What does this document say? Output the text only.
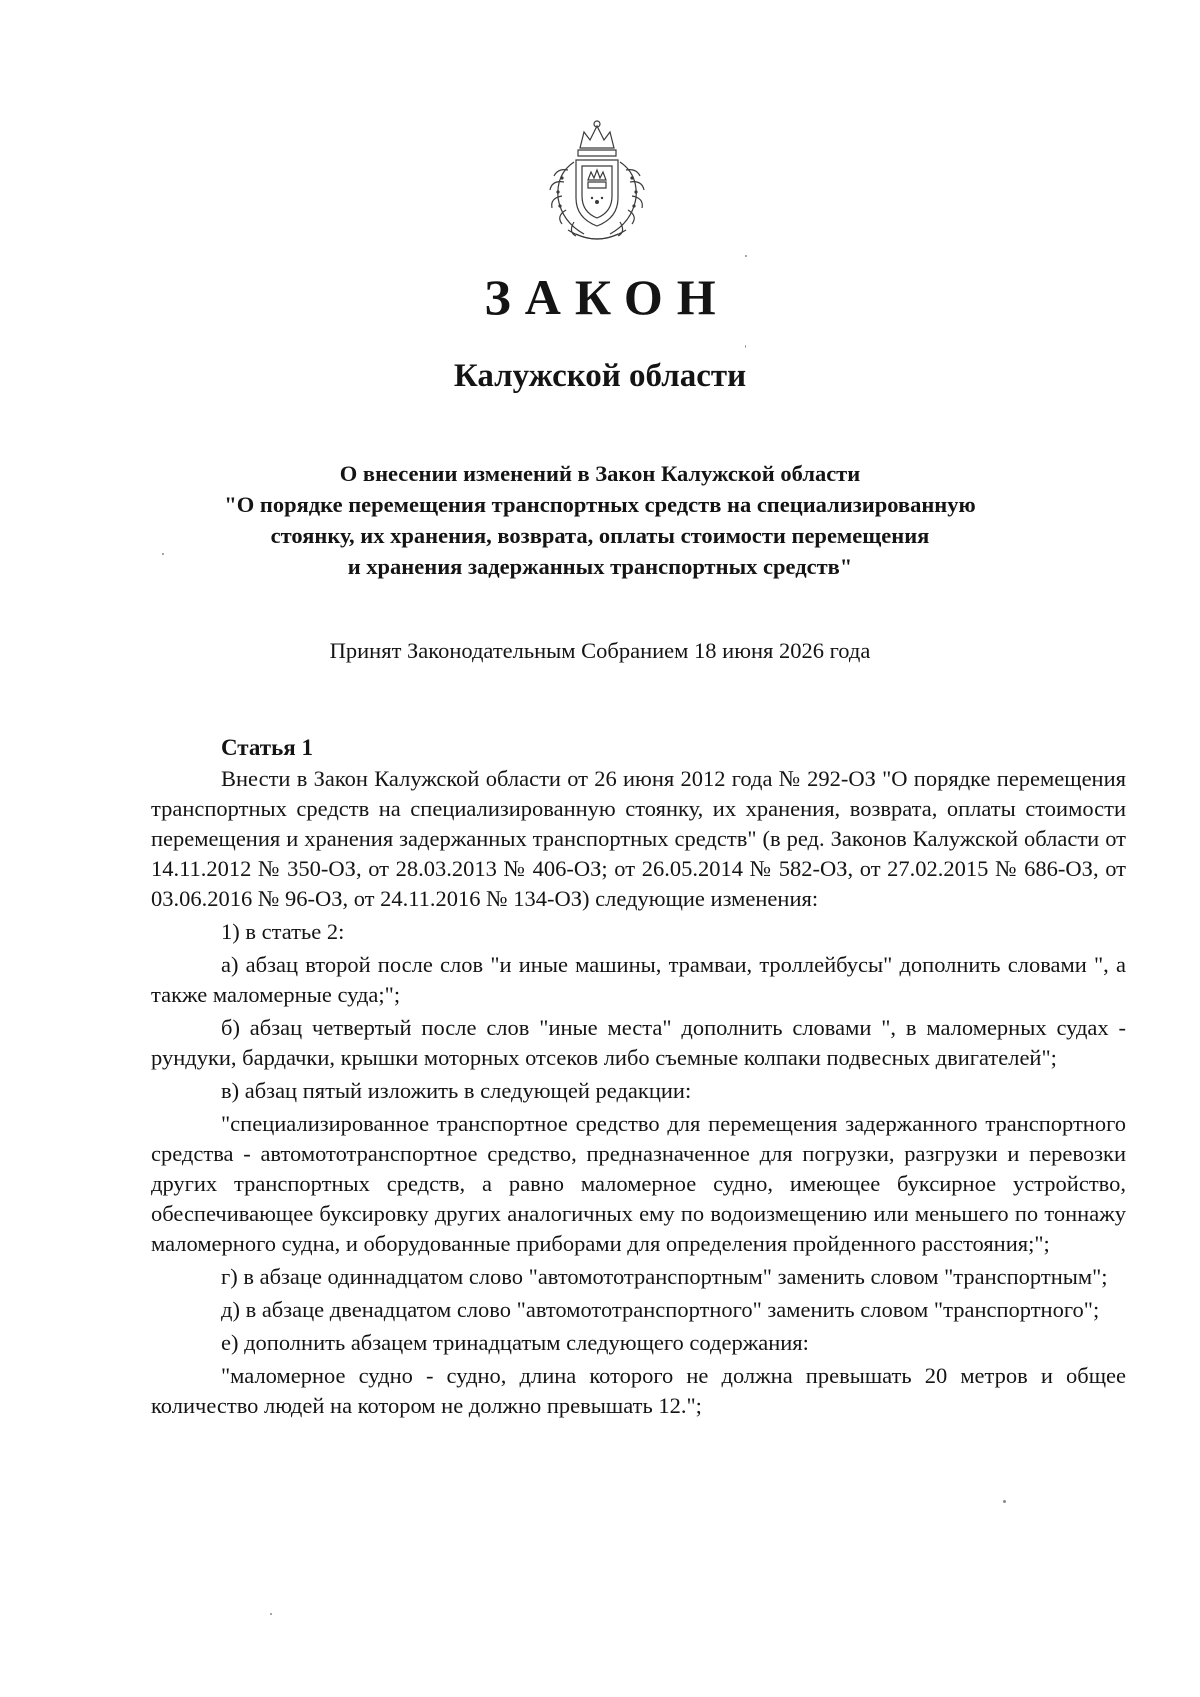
ЗАКОН
Калужской области
О внесении изменений в Закон Калужской области
"О порядке перемещения транспортных средств на специализированную
стоянку, их хранения, возврата, оплаты стоимости перемещения
и хранения задержанных транспортных средств"
Принят Законодательным Собранием 18 июня 2026 года
Статья 1

Внести в Закон Калужской области от 26 июня 2012 года № 292-ОЗ "О порядке перемещения транспортных средств на специализированную стоянку, их хранения, возврата, оплаты стоимости перемещения и хранения задержанных транспортных средств" (в ред. Законов Калужской области от 14.11.2012 № 350-ОЗ, от 28.03.2013 № 406-ОЗ; от 26.05.2014 № 582-ОЗ, от 27.02.2015 № 686-ОЗ, от 03.06.2016 № 96-ОЗ, от 24.11.2016 № 134-ОЗ) следующие изменения:

1) в статье 2:

а) абзац второй после слов "и иные машины, трамваи, троллейбусы" дополнить словами ", а также маломерные суда;";

б) абзац четвертый после слов "иные места" дополнить словами ", в маломерных судах - рундуки, бардачки, крышки моторных отсеков либо съемные колпаки подвесных двигателей";

в) абзац пятый изложить в следующей редакции:

"специализированное транспортное средство для перемещения задержанного транспортного средства - автомототранспортное средство, предназначенное для погрузки, разгрузки и перевозки других транспортных средств, а равно маломерное судно, имеющее буксирное устройство, обеспечивающее буксировку других аналогичных ему по водоизмещению или меньшего по тоннажу маломерного судна, и оборудованные приборами для определения пройденного расстояния;";

г) в абзаце одиннадцатом слово "автомототранспортным" заменить словом "транспортным";

д) в абзаце двенадцатом слово "автомототранспортного" заменить словом "транспортного";

е) дополнить абзацем тринадцатым следующего содержания:

"маломерное судно - судно, длина которого не должна превышать 20 метров и общее количество людей на котором не должно превышать 12.";
